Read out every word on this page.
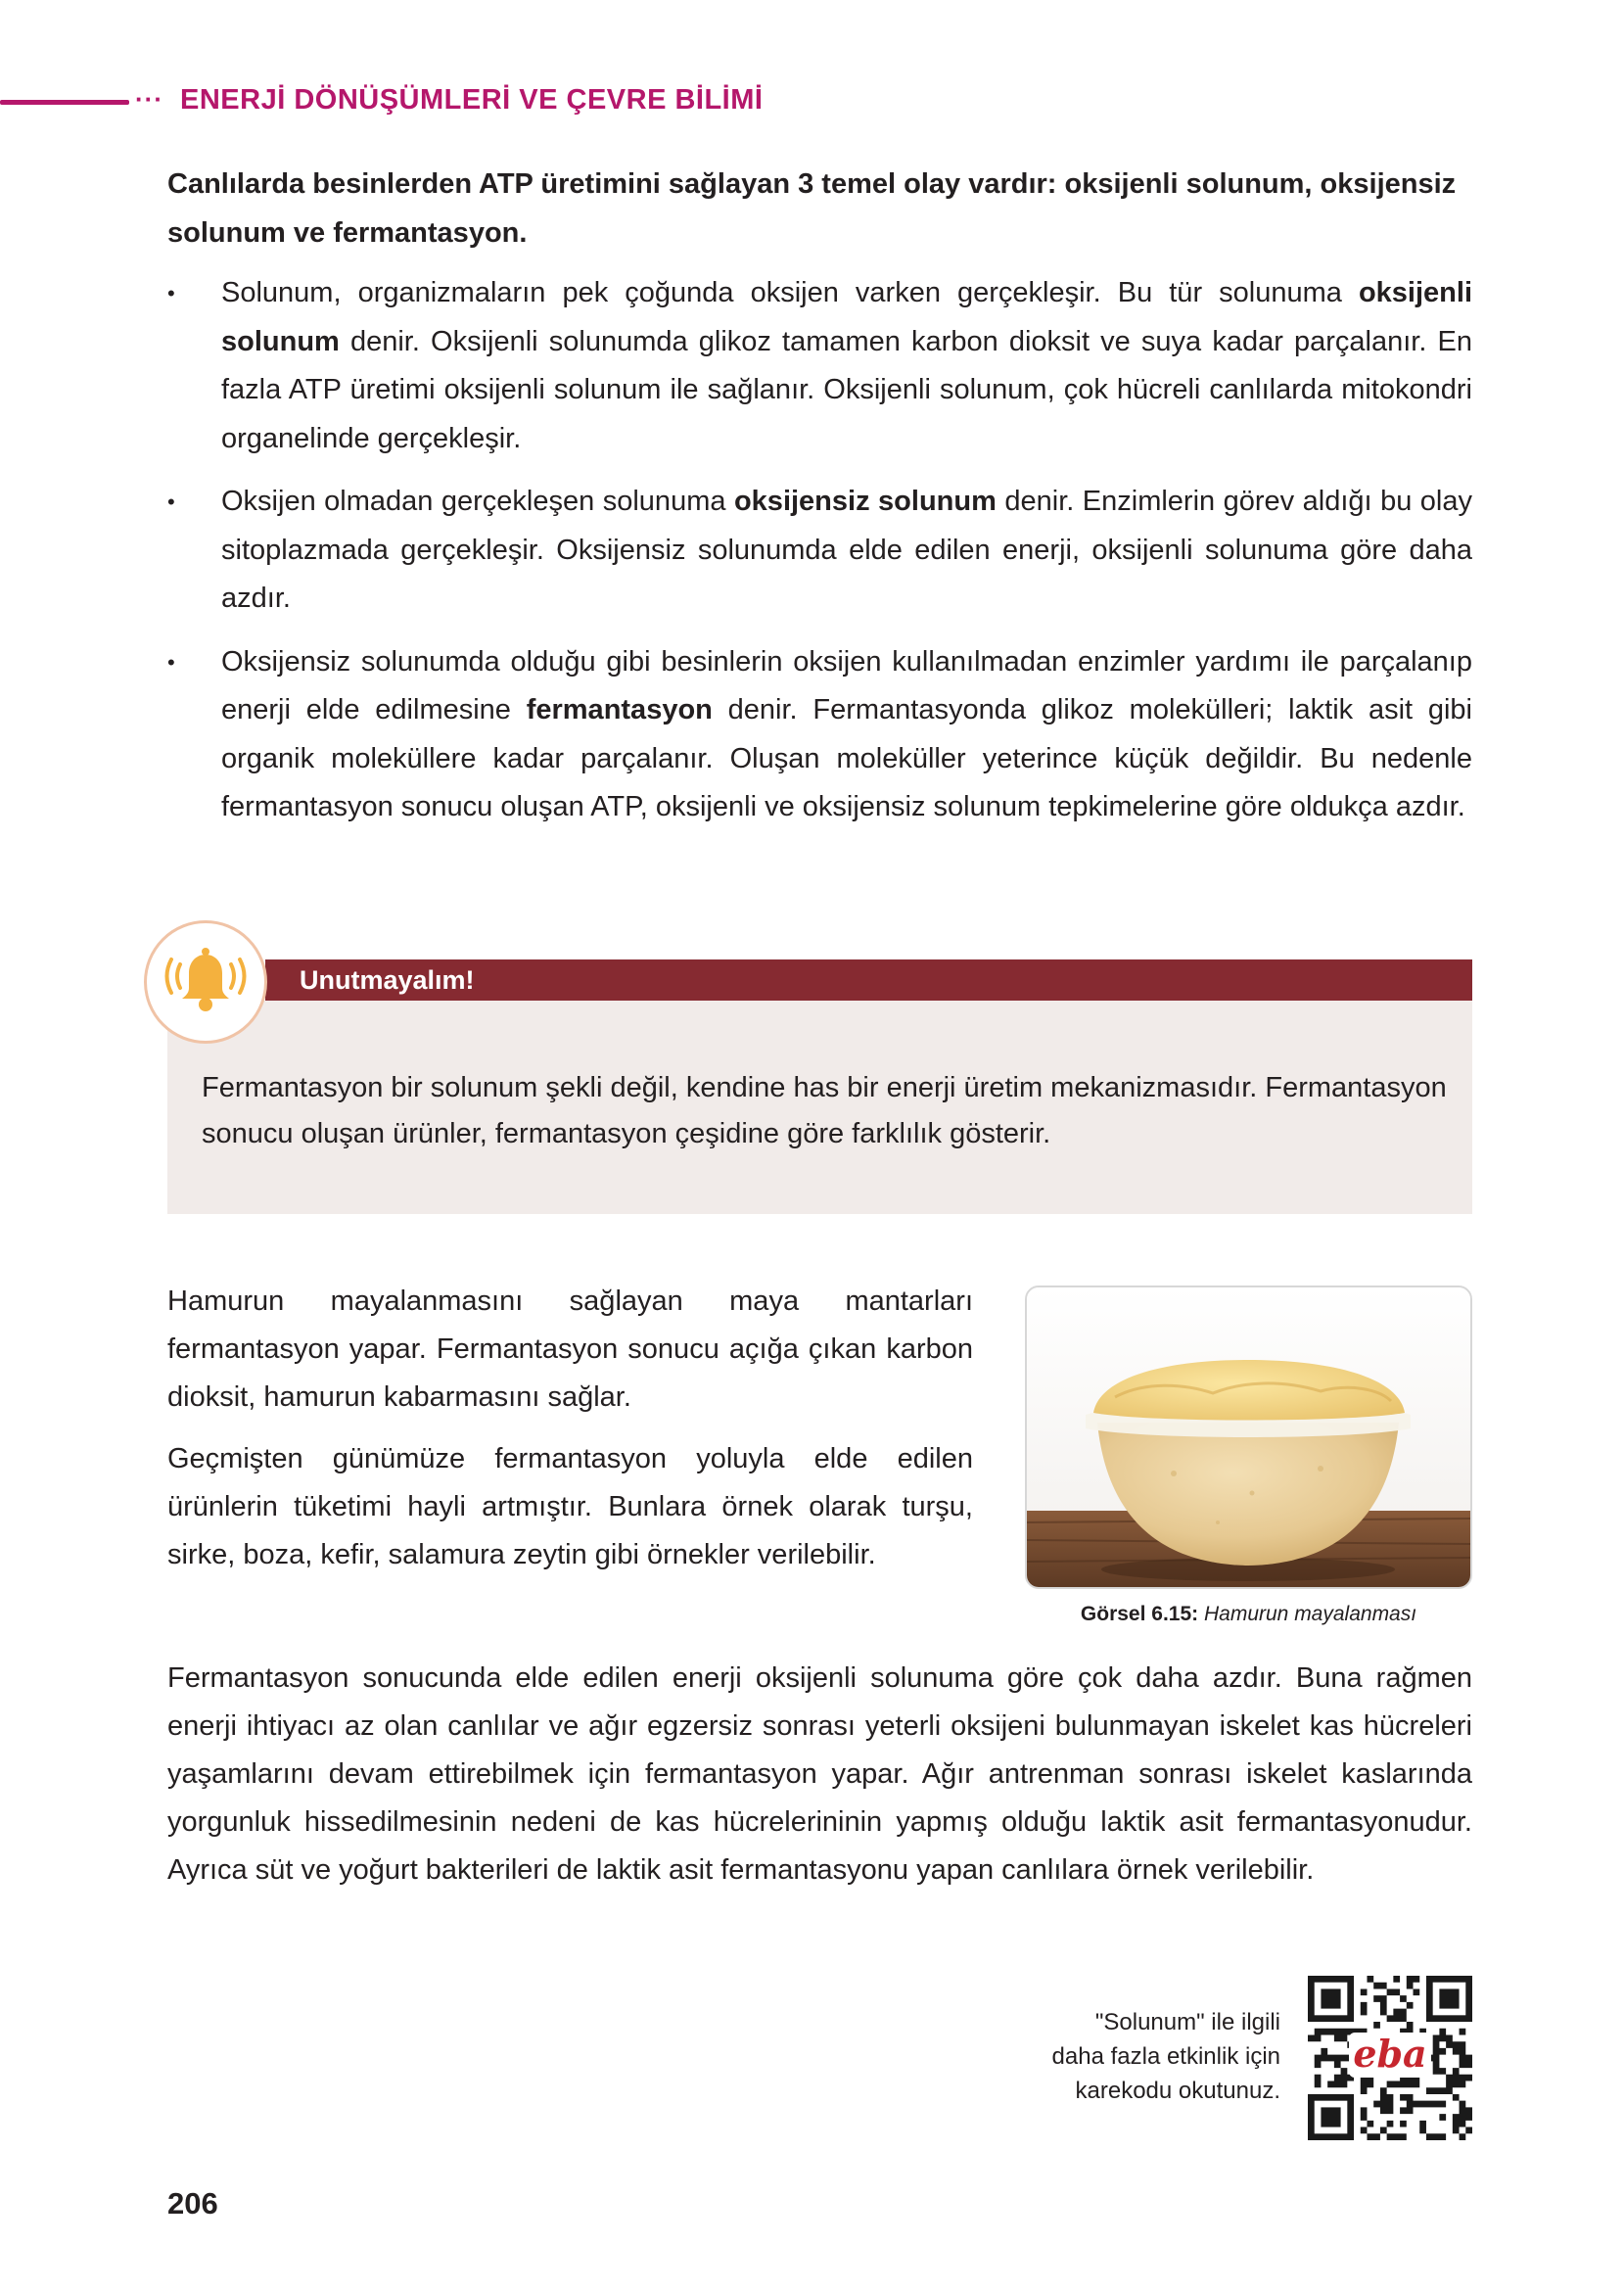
··· ENERJİ DÖNÜŞÜMLERİ VE ÇEVRE BİLİMİ

Canlılarda besinlerden ATP üretimini sağlayan 3 temel olay vardır: oksijenli solunum, oksijensiz solunum ve fermantasyon.

• Solunum, organizmaların pek çoğunda oksijen varken gerçekleşir. Bu tür solunuma oksijenli solunum denir. Oksijenli solunumda glikoz tamamen karbon dioksit ve suya kadar parçalanır. En fazla ATP üretimi oksijenli solunum ile sağlanır. Oksijenli solunum, çok hücreli canlılarda mitokondri organelinde gerçekleşir.
• Oksijen olmadan gerçekleşen solunuma oksijensiz solunum denir. Enzimlerin görev aldığı bu olay sitoplazmada gerçekleşir. Oksijensiz solunumda elde edilen enerji, oksijenli solunuma göre daha azdır.
• Oksijensiz solunumda olduğu gibi besinlerin oksijen kullanılmadan enzimler yardımı ile parçalanıp enerji elde edilmesine fermantasyon denir. Fermantasyonda glikoz molekülleri; laktik asit gibi organik moleküllere kadar parçalanır. Oluşan moleküller yeterince küçük değildir. Bu nedenle fermantasyon sonucu oluşan ATP, oksijenli ve oksijensiz solunum tepkimelerine göre oldukça azdır.
Unutmayalım!

Fermantasyon bir solunum şekli değil, kendine has bir enerji üretim mekanizmasıdır. Fermantasyon sonucu oluşan ürünler, fermantasyon çeşidine göre farklılık gösterir.

Hamurun mayalanmasını sağlayan maya mantarları fermantasyon yapar. Fermantasyon sonucu açığa çıkan karbon dioksit, hamurun kabarmasını sağlar.

Geçmişten günümüze fermantasyon yoluyla elde edilen ürünlerin tüketimi hayli artmıştır. Bunlara örnek olarak turşu, sirke, boza, kefir, salamura zeytin gibi örnekler verilebilir.

Görsel 6.15: Hamurun mayalanması

Fermantasyon sonucunda elde edilen enerji oksijenli solunuma göre çok daha azdır. Buna rağmen enerji ihtiyacı az olan canlılar ve ağır egzersiz sonrası yeterli oksijeni bulunmayan iskelet kas hücreleri yaşamlarını devam ettirebilmek için fermantasyon yapar. Ağır antrenman sonrası iskelet kaslarında yorgunluk hissedilmesinin nedeni de kas hücrelerininin yapmış olduğu laktik asit fermantasyonudur. Ayrıca süt ve yoğurt bakterileri de laktik asit fermantasyonu yapan canlılara örnek verilebilir.

"Solunum" ile ilgili
daha fazla etkinlik için
karekodu okutunuz.

eba
206
